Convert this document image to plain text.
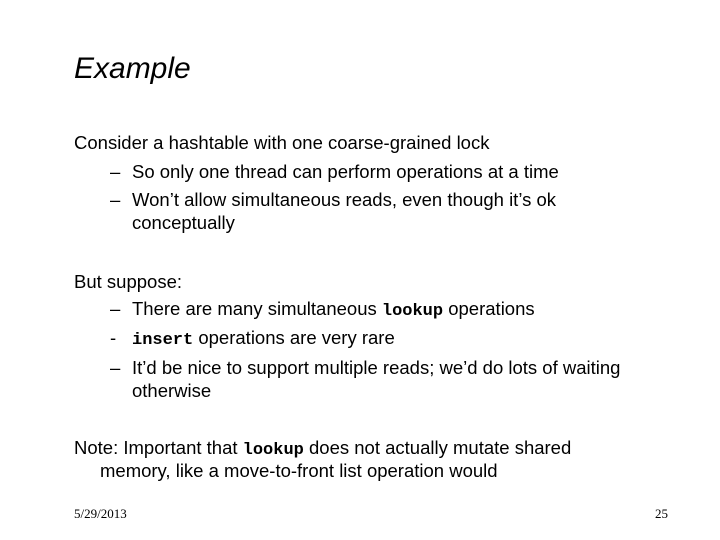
Example
Consider a hashtable with one coarse-grained lock
– So only one thread can perform operations at a time
– Won’t allow simultaneous reads, even though it’s ok
conceptually
But suppose:
– There are many simultaneous lookup operations
- insert operations are very rare
– It’d be nice to support multiple reads; we’d do lots of waiting
otherwise
Note: Important that lookup does not actually mutate shared
memory, like a move-to-front list operation would
5/29/2013	25
